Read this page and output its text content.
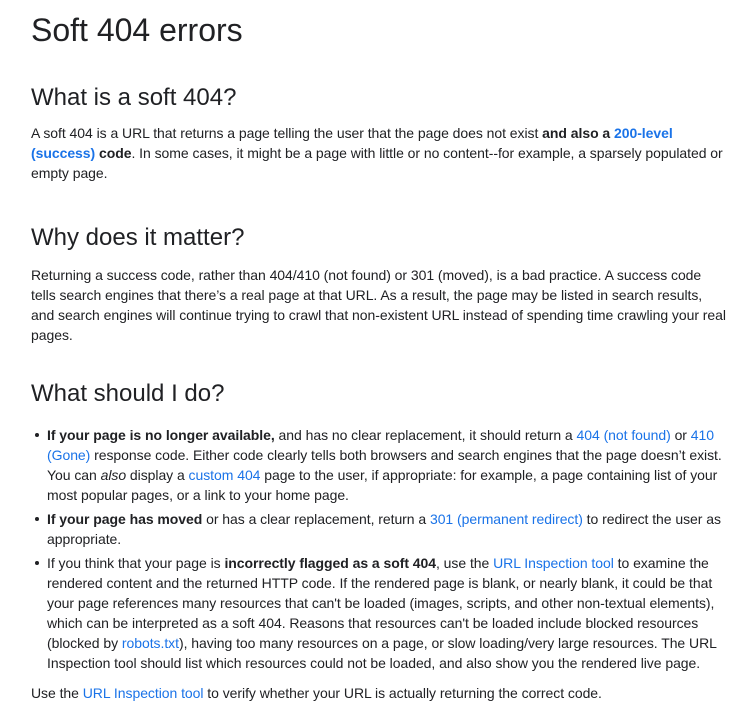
Soft 404 errors
What is a soft 404?

A soft 404 is a URL that returns a page telling the user that the page does not exist and also a 200-level (success) code. In some cases, it might be a page with little or no content--for example, a sparsely populated or empty page.

Why does it matter?

Returning a success code, rather than 404/410 (not found) or 301 (moved), is a bad practice. A success code tells search engines that there’s a real page at that URL. As a result, the page may be listed in search results, and search engines will continue trying to crawl that non-existent URL instead of spending time crawling your real pages.

What should I do?
If your page is no longer available, and has no clear replacement, it should return a 404 (not found) or 410 (Gone) response code. Either code clearly tells both browsers and search engines that the page doesn’t exist. You can also display a custom 404 page to the user, if appropriate: for example, a page containing list of your most popular pages, or a link to your home page.
If your page has moved or has a clear replacement, return a 301 (permanent redirect) to redirect the user as appropriate.
If you think that your page is incorrectly flagged as a soft 404, use the URL Inspection tool to examine the rendered content and the returned HTTP code. If the rendered page is blank, or nearly blank, it could be that your page references many resources that can't be loaded (images, scripts, and other non-textual elements), which can be interpreted as a soft 404. Reasons that resources can't be loaded include blocked resources (blocked by robots.txt), having too many resources on a page, or slow loading/very large resources. The URL Inspection tool should list which resources could not be loaded, and also show you the rendered live page.

Use the URL Inspection tool to verify whether your URL is actually returning the correct code.
